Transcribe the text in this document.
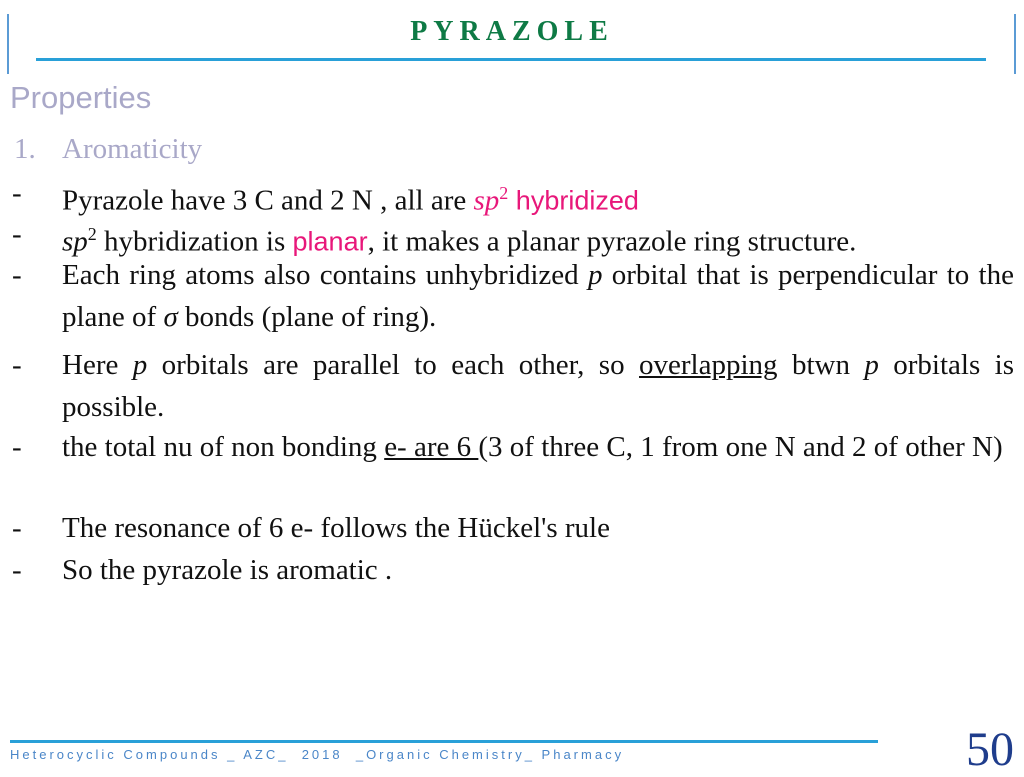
PYRAZOLE
Properties
1. Aromaticity
- Pyrazole have 3 C and 2 N , all are $sp^2$ hybridized
- $sp^2$ hybridization is planar, it makes a planar pyrazole ring structure.
- Each ring atoms also contains unhybridized p orbital that is perpendicular to the plane of σ bonds (plane of ring).
- Here p orbitals are parallel to each other, so overlapping btwn p orbitals is possible.
- the total nu of non bonding e- are 6 (3 of three C, 1 from one N and 2 of other N)
- The resonance of 6 e- follows the Hückel's rule
- So the pyrazole is aromatic .
Heterocyclic Compounds _ AZC_  2018  _Organic Chemistry_ Pharmacy	50
